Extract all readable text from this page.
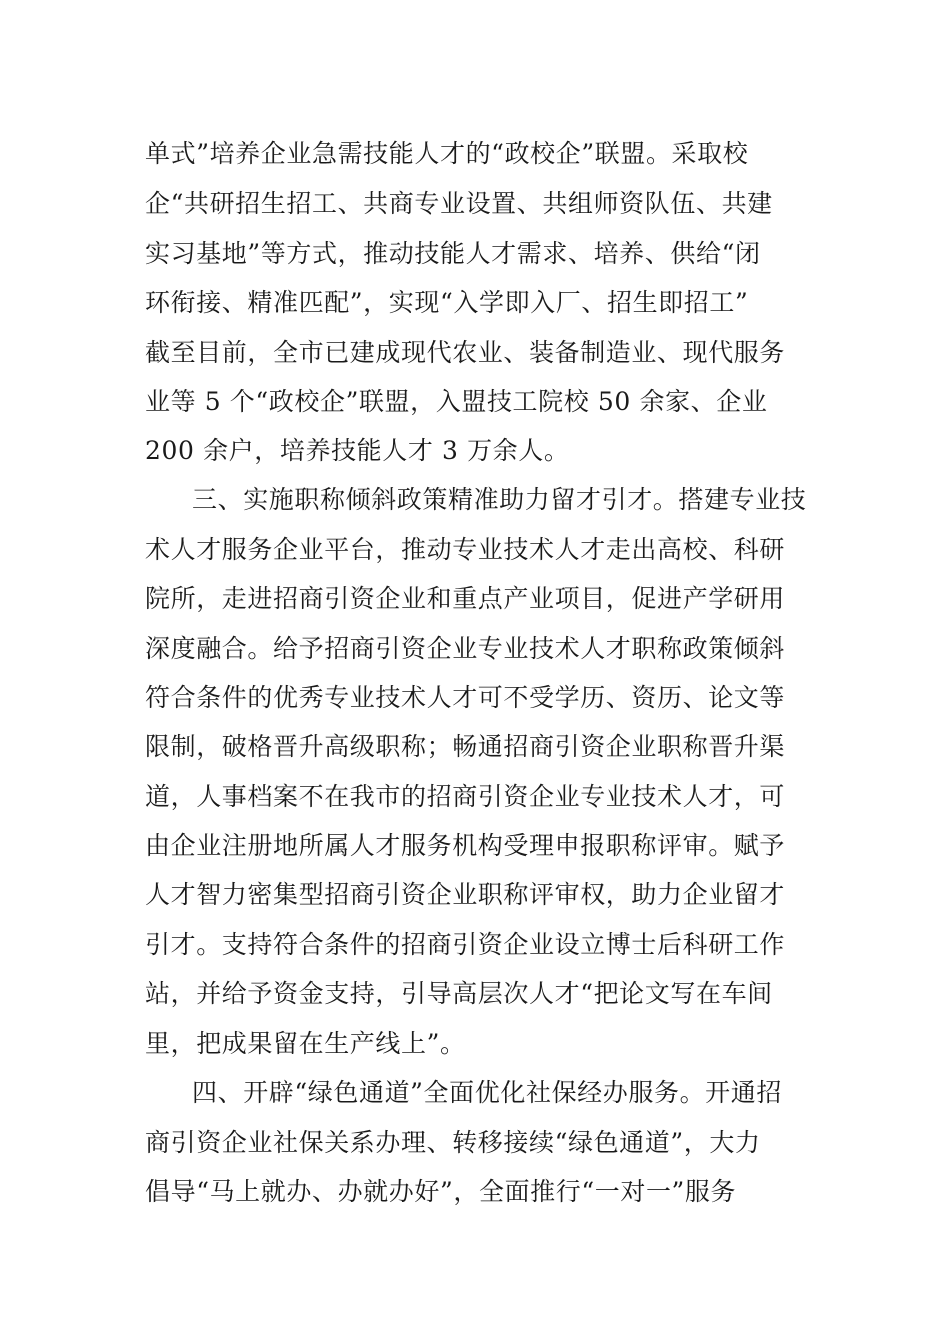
单式”培养企业急需技能人才的“政校企”联盟。采取校
企“共研招生招工、共商专业设置、共组师资队伍、共建
实习基地”等方式，推动技能人才需求、培养、供给“闭
环衔接、精准匹配”，实现“入学即入厂、招生即招工”
截至目前，全市已建成现代农业、装备制造业、现代服务
业等 5 个“政校企”联盟，入盟技工院校 50 余家、企业
200 余户，培养技能人才 3 万余人。
三、实施职称倾斜政策精准助力留才引才。搭建专业技
术人才服务企业平台，推动专业技术人才走出高校、科研
院所，走进招商引资企业和重点产业项目，促进产学研用
深度融合。给予招商引资企业专业技术人才职称政策倾斜
符合条件的优秀专业技术人才可不受学历、资历、论文等
限制，破格晋升高级职称；畅通招商引资企业职称晋升渠
道，人事档案不在我市的招商引资企业专业技术人才，可
由企业注册地所属人才服务机构受理申报职称评审。赋予
人才智力密集型招商引资企业职称评审权，助力企业留才
引才。支持符合条件的招商引资企业设立博士后科研工作
站，并给予资金支持，引导高层次人才“把论文写在车间
里，把成果留在生产线上”。
四、开辟“绿色通道”全面优化社保经办服务。开通招
商引资企业社保关系办理、转移接续“绿色通道”，大力
倡导“马上就办、办就办好”，全面推行“一对一”服务
